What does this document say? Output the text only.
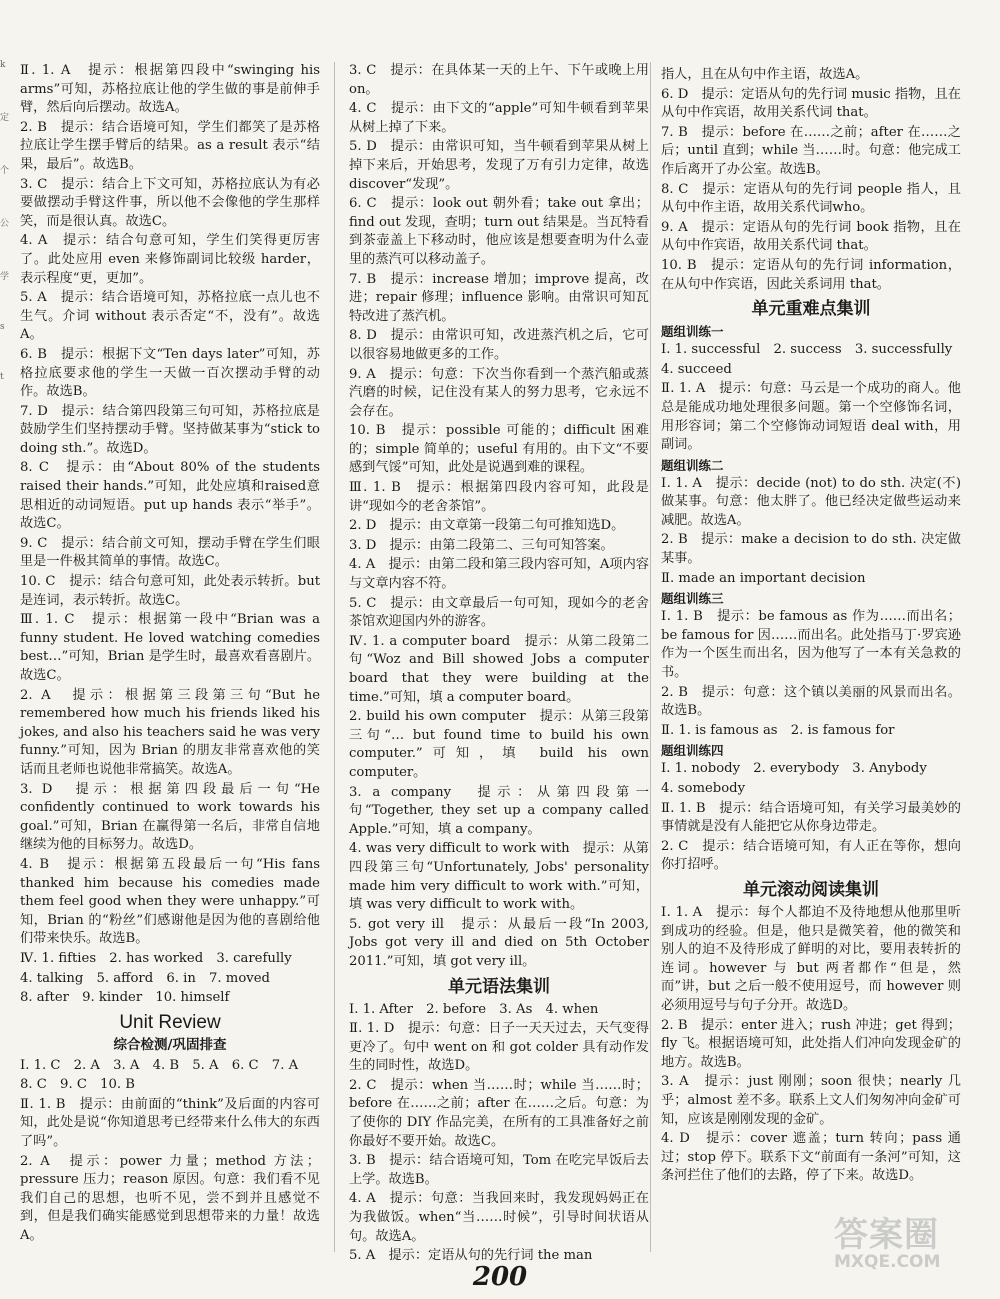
k
定
个
公
学
s
t
Ⅱ. 1. A　提示：根据第四段中“swinging his arms”可知，苏格拉底让他的学生做的事是前伸手臂，然后向后摆动。故选A。
2. B　提示：结合语境可知，学生们都笑了是苏格拉底让学生摆手臂后的结果。as a result 表示“结果，最后”。故选B。
3. C　提示：结合上下文可知，苏格拉底认为有必要做摆动手臂这件事，所以他不会像他的学生那样笑，而是很认真。故选C。
4. A　提示：结合句意可知，学生们笑得更厉害了。此处应用 even 来修饰副词比较级 harder，表示程度“更，更加”。
5. A　提示：结合语境可知，苏格拉底一点儿也不生气。介词 without 表示否定“不，没有”。故选A。
6. B　提示：根据下文“Ten days later”可知，苏格拉底要求他的学生一天做一百次摆动手臂的动作。故选B。
7. D　提示：结合第四段第三句可知，苏格拉底是鼓励学生们坚持摆动手臂。坚持做某事为“stick to doing sth.”。故选D。
8. C　提示：由“About 80% of the students raised their hands.”可知，此处应填和raised意思相近的动词短语。put up hands 表示“举手”。故选C。
9. C　提示：结合前文可知，摆动手臂在学生们眼里是一件极其简单的事情。故选C。
10. C　提示：结合句意可知，此处表示转折。but 是连词，表示转折。故选C。
Ⅲ. 1. C　提示：根据第一段中“Brian was a funny student. He loved watching comedies best…”可知，Brian 是学生时，最喜欢看喜剧片。故选C。
2. A　提示：根据第三段第三句“But he remembered how much his friends liked his jokes, and also his teachers said he was very funny.”可知，因为 Brian 的朋友非常喜欢他的笑话而且老师也说他非常搞笑。故选A。
3. D　提示：根据第四段最后一句“He confidently continued to work towards his goal.”可知，Brian 在赢得第一名后，非常自信地继续为他的目标努力。故选D。
4. B　提示：根据第五段最后一句“His fans thanked him because his comedies made them feel good when they were unhappy.”可知，Brian 的“粉丝”们感谢他是因为他的喜剧给他们带来快乐。故选B。
Ⅳ. 1. fifties　2. has worked　3. carefully
4. talking　5. afford　6. in　7. moved
8. after　9. kinder　10. himself
Unit Review
综合检测/巩固排查
Ⅰ. 1. C　2. A　3. A　4. B　5. A　6. C　7. A
8. C　9. C　10. B
Ⅱ. 1. B　提示：由前面的“think”及后面的内容可知，此处是说“你知道思考已经带来什么伟大的东西了吗”。
2. A　提示：power 力量；method 方法；pressure 压力；reason 原因。句意：我们看不见我们自己的思想，也听不见，尝不到并且感觉不到，但是我们确实能感觉到思想带来的力量！故选A。
3. C　提示：在具体某一天的上午、下午或晚上用 on。
4. C　提示：由下文的“apple”可知牛顿看到苹果从树上掉了下来。
5. D　提示：由常识可知，当牛顿看到苹果从树上掉下来后，开始思考，发现了万有引力定律，故选 discover“发现”。
6. C　提示：look out 朝外看；take out 拿出；find out 发现，查明；turn out 结果是。当瓦特看到茶壶盖上下移动时，他应该是想要查明为什么壶里的蒸汽可以移动盖子。
7. B　提示：increase 增加；improve 提高，改进；repair 修理；influence 影响。由常识可知瓦特改进了蒸汽机。
8. D　提示：由常识可知，改进蒸汽机之后，它可以很容易地做更多的工作。
9. A　提示：句意：下次当你看到一个蒸汽船或蒸汽磨的时候，记住没有某人的努力思考，它永远不会存在。
10. B　提示：possible 可能的；difficult 困难的；simple 简单的；useful 有用的。由下文“不要感到气馁”可知，此处是说遇到难的课程。
Ⅲ. 1. B　提示：根据第四段内容可知，此段是讲“现如今的老舍茶馆”。
2. D　提示：由文章第一段第二句可推知选D。
3. D　提示：由第二段第二、三句可知答案。
4. A　提示：由第二段和第三段内容可知，A项内容与文章内容不符。
5. C　提示：由文章最后一句可知，现如今的老舍茶馆欢迎国内外的游客。
Ⅳ. 1. a computer board　提示：从第二段第二句“Woz and Bill showed Jobs a computer board that they were building at the time.”可知，填 a computer board。
2. build his own computer　提示：从第三段第三句“… but found time to build his own computer.”可知，填 build his own computer。
3. a company　提示：从第四段第一句“Together, they set up a company called Apple.”可知，填 a company。
4. was very difficult to work with　提示：从第四段第三句“Unfortunately, Jobs' personality made him very difficult to work with.”可知，填 was very difficult to work with。
5. got very ill　提示：从最后一段“In 2003, Jobs got very ill and died on 5th October 2011.”可知，填 got very ill。
单元语法集训
Ⅰ. 1. After　2. before　3. As　4. when
Ⅱ. 1. D　提示：句意：日子一天天过去，天气变得更冷了。句中 went on 和 got colder 具有动作发生的同时性，故选D。
2. C　提示：when 当……时；while 当……时；before 在……之前；after 在……之后。句意：为了使你的 DIY 作品完美，在所有的工具准备好之前你最好不要开始。故选C。
3. B　提示：结合语境可知，Tom 在吃完早饭后去上学。故选B。
4. A　提示：句意：当我回来时，我发现妈妈正在为我做饭。when“当……时候”，引导时间状语从句。故选A。
5. A　提示：定语从句的先行词 the man
指人，且在从句中作主语，故选A。
6. D　提示：定语从句的先行词 music 指物，且在从句中作宾语，故用关系代词 that。
7. B　提示：before 在……之前；after 在……之后；until 直到；while 当……时。句意：他完成工作后离开了办公室。故选B。
8. C　提示：定语从句的先行词 people 指人，且从句中作主语，故用关系代词who。
9. A　提示：定语从句的先行词 book 指物，且在从句中作宾语，故用关系代词 that。
10. B　提示：定语从句的先行词 information，在从句中作宾语，因此关系词用 that。
单元重难点集训
题组训练一
Ⅰ. 1. successful　2. success　3. successfully
4. succeed
Ⅱ. 1. A　提示：句意：马云是一个成功的商人。他总是能成功地处理很多问题。第一个空修饰名词，用形容词；第二个空修饰动词短语 deal with，用副词。
题组训练二
Ⅰ. 1. A　提示：decide (not) to do sth. 决定(不)做某事。句意：他太胖了。他已经决定做些运动来减肥。故选A。
2. B　提示：make a decision to do sth. 决定做某事。
Ⅱ. made an important decision
题组训练三
Ⅰ. 1. B　提示：be famous as 作为……而出名；be famous for 因……而出名。此处指马丁·罗宾逊作为一个医生而出名，因为他写了一本有关急救的书。
2. B　提示：句意：这个镇以美丽的风景而出名。故选B。
Ⅱ. 1. is famous as　2. is famous for
题组训练四
Ⅰ. 1. nobody　2. everybody　3. Anybody
4. somebody
Ⅱ. 1. B　提示：结合语境可知，有关学习最美妙的事情就是没有人能把它从你身边带走。
2. C　提示：结合语境可知，有人正在等你，想向你打招呼。
单元滚动阅读集训
Ⅰ. 1. A　提示：每个人都迫不及待地想从他那里听到成功的经验。但是，他只是微笑着，他的微笑和别人的迫不及待形成了鲜明的对比，要用表转折的连词。however 与 but 两者都作“但是，然而”讲，but 之后一般不使用逗号，而 however 则必须用逗号与句子分开。故选D。
2. B　提示：enter 进入；rush 冲进；get 得到；fly 飞。根据语境可知，此处指人们冲向发现金矿的地方。故选B。
3. A　提示：just 刚刚；soon 很快；nearly 几乎；almost 差不多。联系上文人们匆匆冲向金矿可知，应该是刚刚发现的金矿。
4. D　提示：cover 遮盖；turn 转向；pass 通过；stop 停下。联系下文“前面有一条河”可知，这条河拦住了他们的去路，停了下来。故选D。
200
答案圈
MXQE.COM
